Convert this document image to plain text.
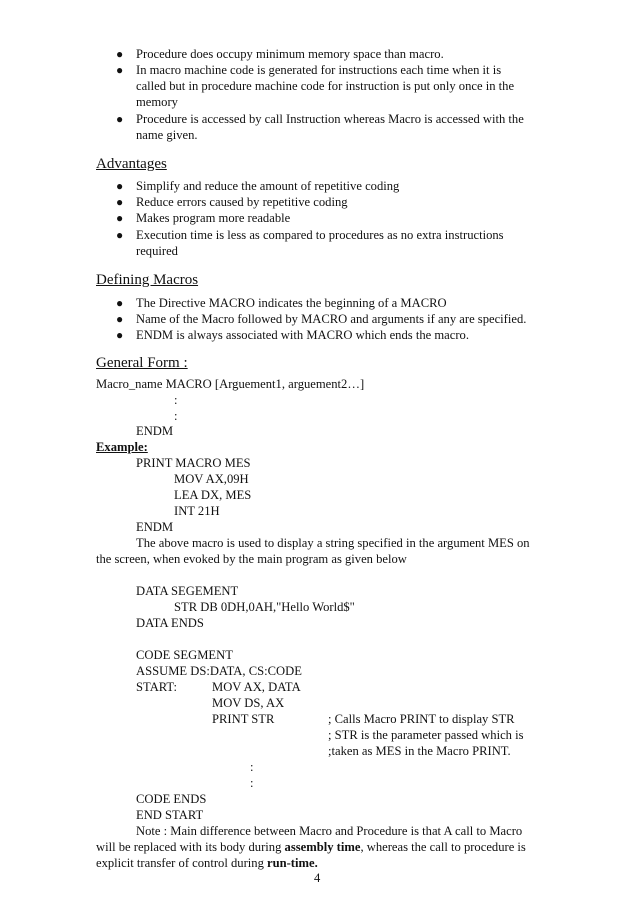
● Procedure does occupy minimum memory space than macro.
● In macro machine code is generated for instructions each time when it is
called but in procedure machine code for instruction is put only once in the
memory
● Procedure is accessed by call Instruction whereas Macro is accessed with the
name given.
Advantages
● Simplify and reduce the amount of repetitive coding
● Reduce errors caused by repetitive coding
● Makes program more readable
● Execution time is less as compared to procedures as no extra instructions
required
Defining Macros
● The Directive MACRO indicates the beginning of a MACRO
● Name of the Macro followed by MACRO and arguments if any are specified.
● ENDM is always associated with MACRO which ends the macro.
General Form :
Macro_name MACRO [Arguement1, arguement2…]
:
:
ENDM
Example:
PRINT MACRO MES
MOV AX,09H
LEA DX, MES
INT 21H
ENDM
The above macro is used to display a string specified in the argument MES on
the screen, when evoked by the main program as given below
DATA SEGEMENT
STR DB 0DH,0AH,"Hello World$"
DATA ENDS
CODE SEGMENT
ASSUME DS:DATA, CS:CODE
START:	MOV AX, DATA
MOV DS, AX
PRINT STR	; Calls Macro PRINT to display STR
; STR is the parameter passed which is
;taken as MES in the Macro PRINT.
:
:
CODE ENDS
END START
Note : Main difference between Macro and Procedure is that A call to Macro
will be replaced with its body during assembly time, whereas the call to procedure is
explicit transfer of control during run-time.
4
